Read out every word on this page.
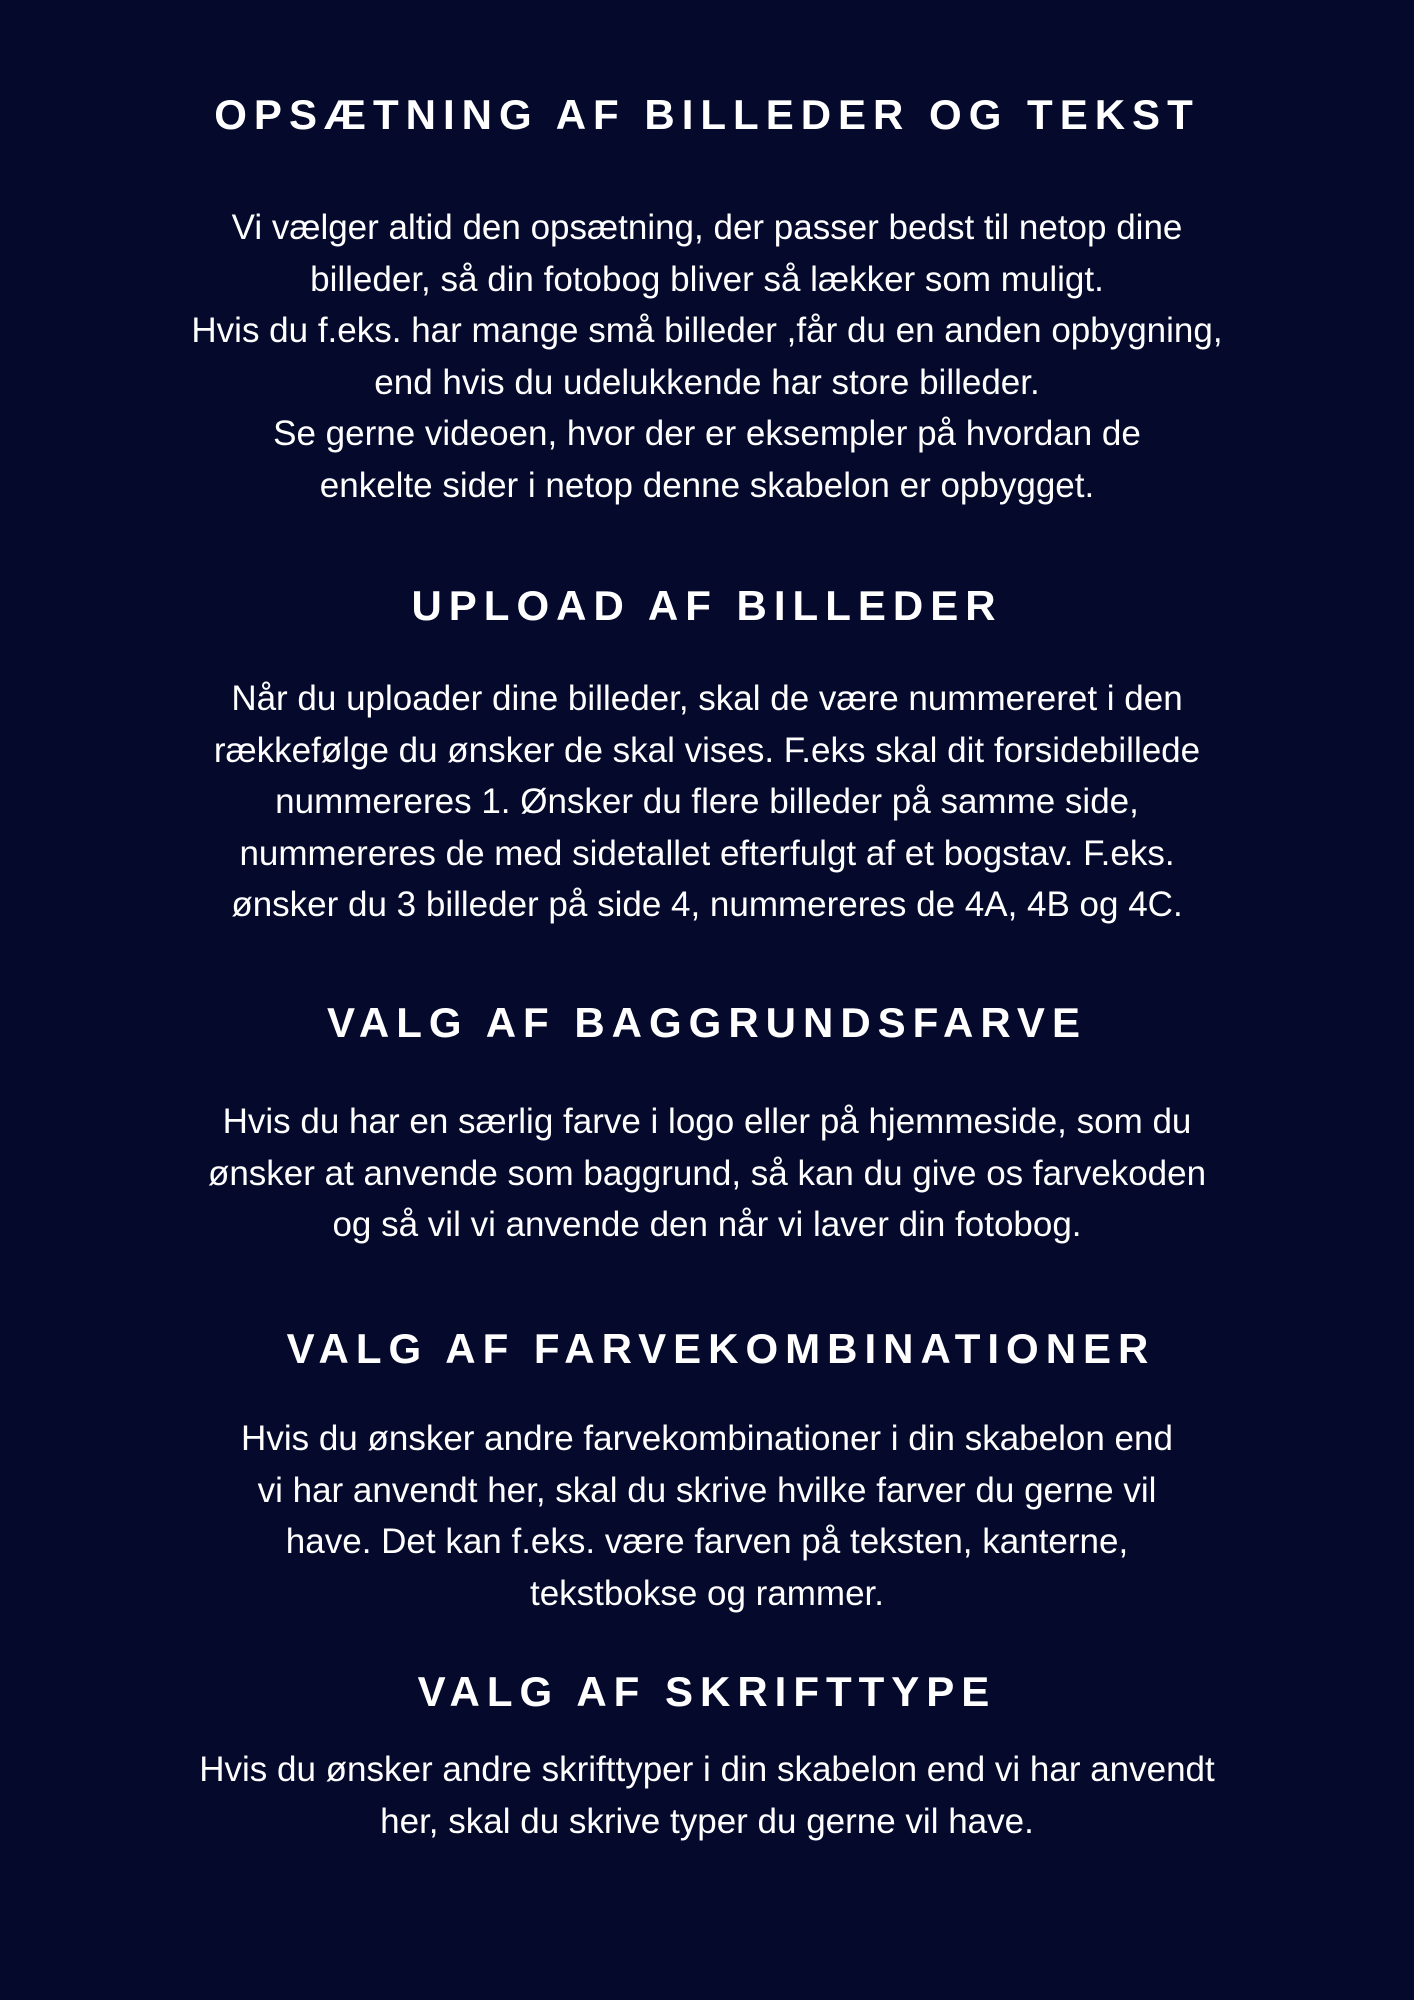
OPSÆTNING AF BILLEDER OG TEKST

Vi vælger altid den opsætning, der passer bedst til netop dine
billeder, så din fotobog bliver så lækker som muligt.
Hvis du f.eks. har mange små billeder ,får du en anden opbygning,
end hvis du udelukkende har store billeder.
Se gerne videoen, hvor der er eksempler på hvordan de
enkelte sider i netop denne skabelon er opbygget.

UPLOAD AF BILLEDER

Når du uploader dine billeder, skal de være nummereret i den
rækkefølge du ønsker de skal vises. F.eks skal dit forsidebillede
nummereres 1. Ønsker du flere billeder på samme side,
nummereres de med sidetallet efterfulgt af et bogstav. F.eks.
ønsker du 3 billeder på side 4, nummereres de 4A, 4B og 4C.

VALG AF BAGGRUNDSFARVE

Hvis du har en særlig farve i logo eller på hjemmeside, som du
ønsker at anvende som baggrund, så kan du give os farvekoden
og så vil vi anvende den når vi laver din fotobog.

VALG AF FARVEKOMBINATIONER

Hvis du ønsker andre farvekombinationer i din skabelon end
vi har anvendt her, skal du skrive hvilke farver du gerne vil
have. Det kan f.eks. være farven på teksten, kanterne,
tekstbokse og rammer.

VALG AF SKRIFTTYPE

Hvis du ønsker andre skrifttyper i din skabelon end vi har anvendt
her, skal du skrive typer du gerne vil have.
